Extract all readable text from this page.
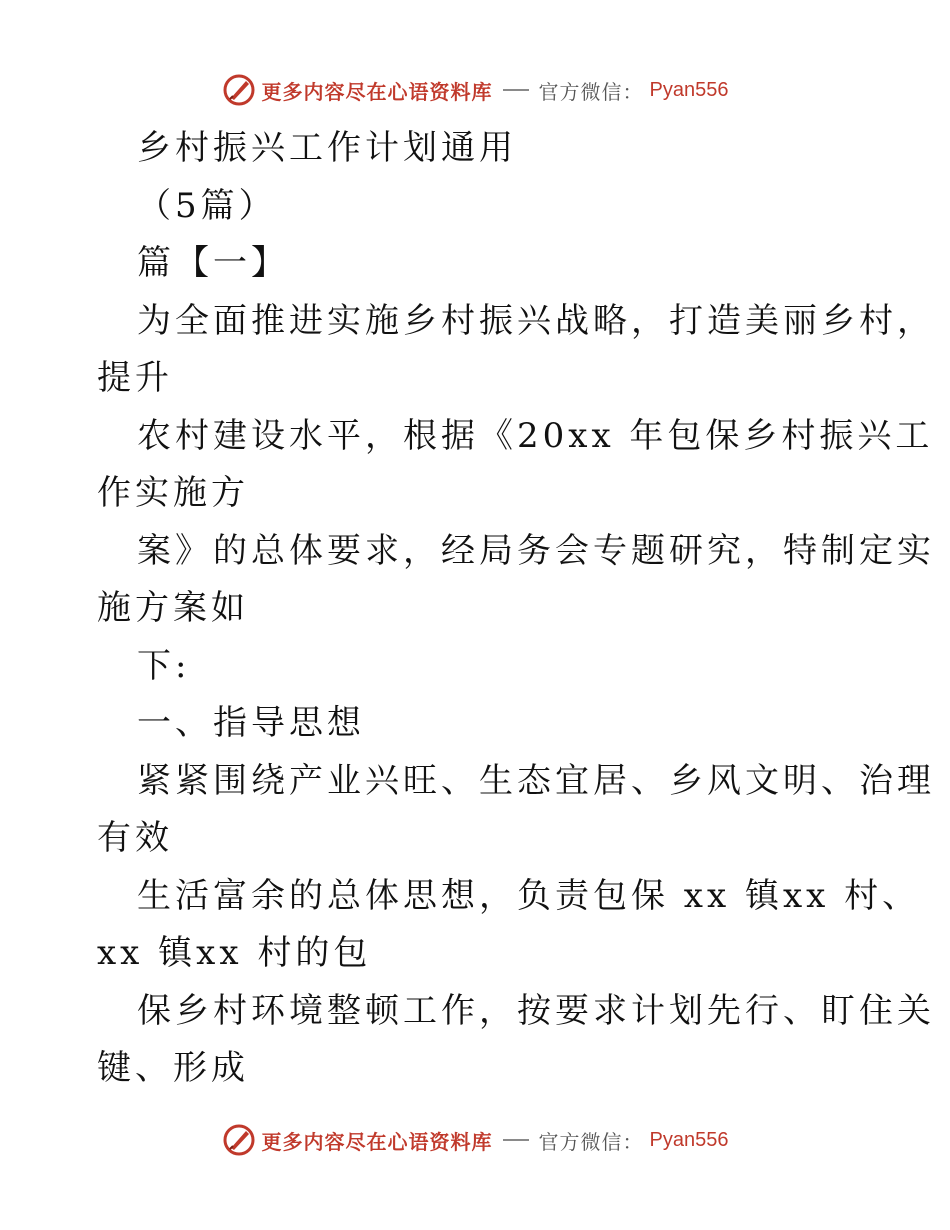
更多内容尽在心语资料库 官方微信： Pyan556
乡村振兴工作计划通用
（5篇）
篇【一】
为全面推进实施乡村振兴战略，打造美丽乡村，
提升
农村建设水平，根据《20xx 年包保乡村振兴工
作实施方
案》的总体要求，经局务会专题研究，特制定实
施方案如
下:
一、指导思想
紧紧围绕产业兴旺、生态宜居、乡风文明、治理
有效
生活富余的总体思想，负责包保 xx 镇xx 村、
xx 镇xx 村的包
保乡村环境整顿工作，按要求计划先行、盯住关
键、形成
更多内容尽在心语资料库 官方微信： Pyan556
